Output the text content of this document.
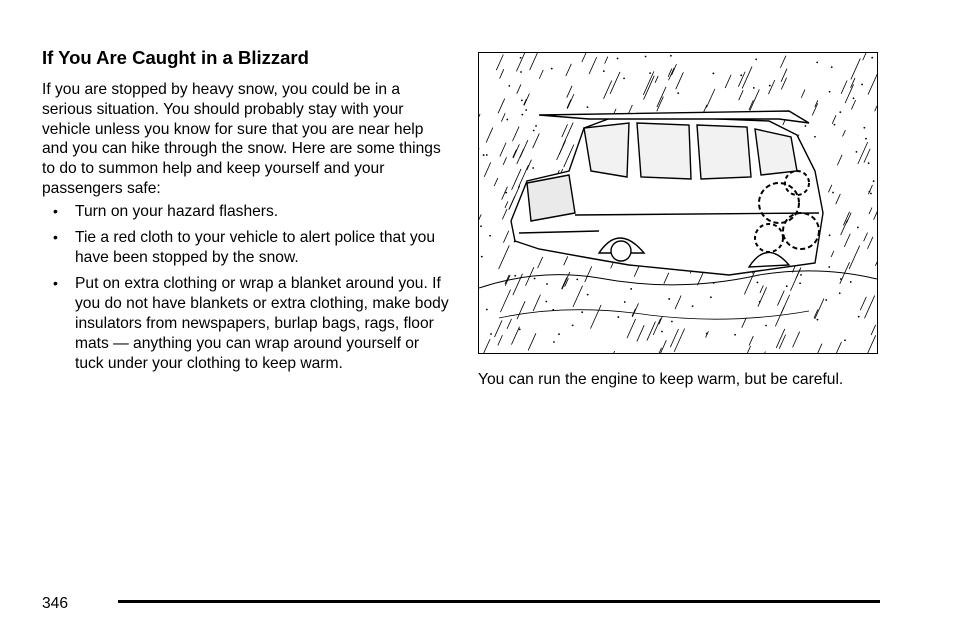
If You Are Caught in a Blizzard

If you are stopped by heavy snow, you could be in a serious situation. You should probably stay with your vehicle unless you know for sure that you are near help and you can hike through the snow. Here are some things to do to summon help and keep yourself and your passengers safe:

• Turn on your hazard flashers.
• Tie a red cloth to your vehicle to alert police that you have been stopped by the snow.
• Put on extra clothing or wrap a blanket around you. If you do not have blankets or extra clothing, make body insulators from newspapers, burlap bags, rags, floor mats — anything you can wrap around yourself or tuck under your clothing to keep warm.

You can run the engine to keep warm, but be careful.

346
